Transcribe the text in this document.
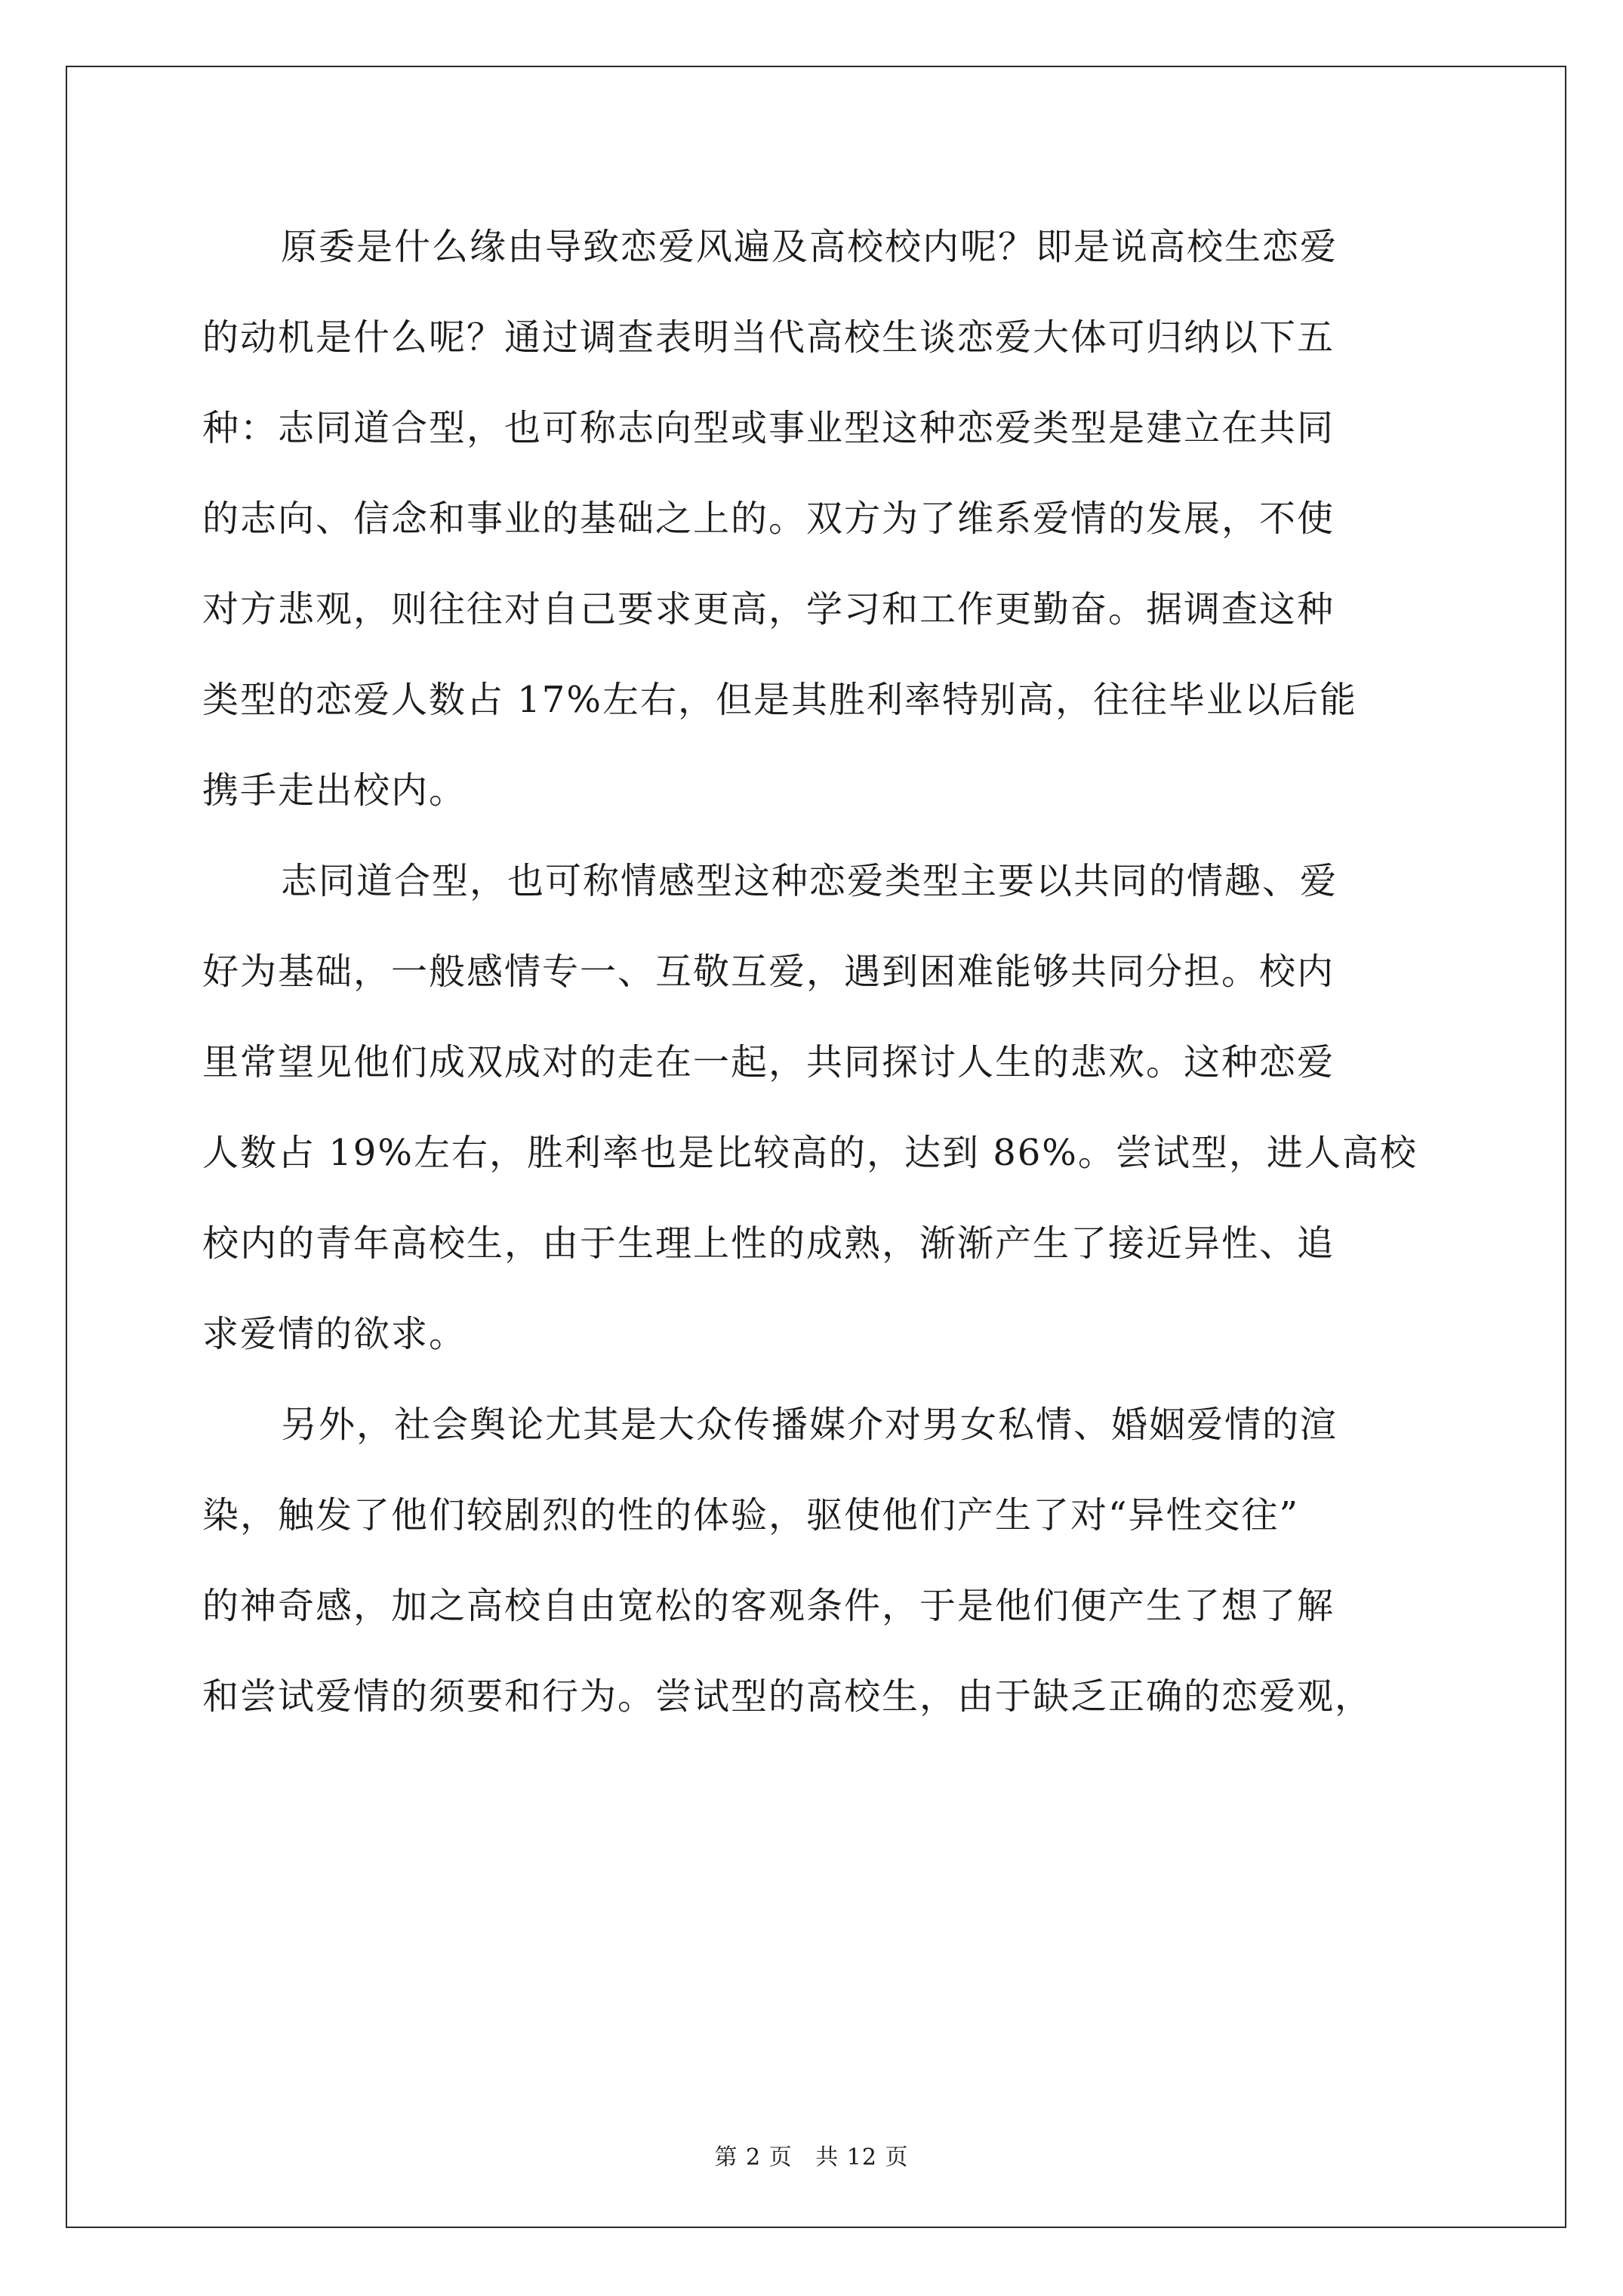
原委是什么缘由导致恋爱风遍及高校校内呢？即是说高校生恋爱
的动机是什么呢？通过调查表明当代高校生谈恋爱大体可归纳以下五
种：志同道合型，也可称志向型或事业型这种恋爱类型是建立在共同
的志向、信念和事业的基础之上的。双方为了维系爱情的发展，不使
对方悲观，则往往对自己要求更高，学习和工作更勤奋。据调查这种
类型的恋爱人数占 17%左右，但是其胜利率特别高，往往毕业以后能
携手走出校内。
志同道合型，也可称情感型这种恋爱类型主要以共同的情趣、爱
好为基础，一般感情专一、互敬互爱，遇到困难能够共同分担。校内
里常望见他们成双成对的走在一起，共同探讨人生的悲欢。这种恋爱
人数占 19%左右，胜利率也是比较高的，达到 86%。尝试型，进人高校
校内的青年高校生，由于生理上性的成熟，渐渐产生了接近异性、追
求爱情的欲求。
另外，社会舆论尤其是大众传播媒介对男女私情、婚姻爱情的渲
染，触发了他们较剧烈的性的体验，驱使他们产生了对“异性交往”
的神奇感，加之高校自由宽松的客观条件，于是他们便产生了想了解
和尝试爱情的须要和行为。尝试型的高校生，由于缺乏正确的恋爱观，
第 2 页 共 12 页
